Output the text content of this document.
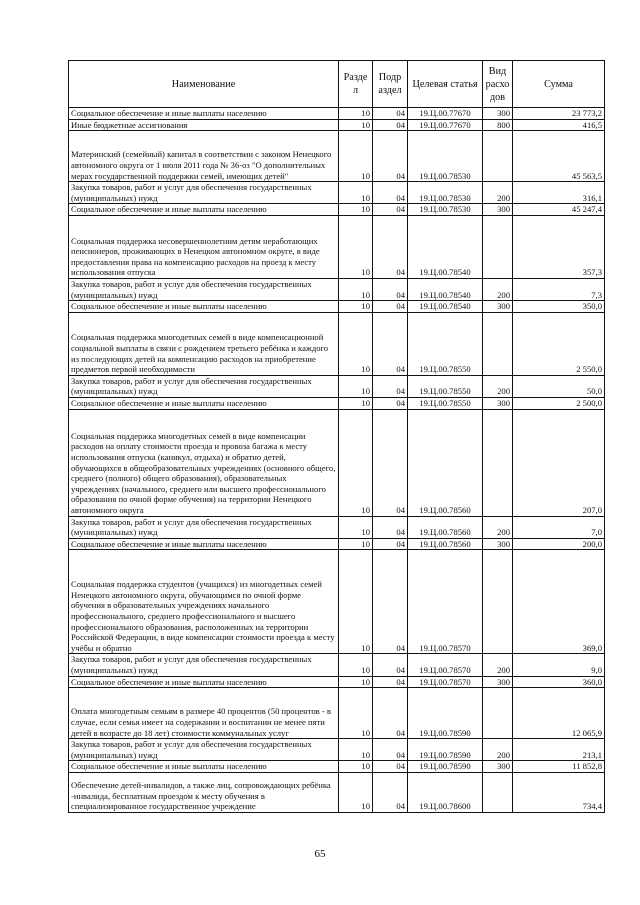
Наименование	Разде л	Подр аздел	Целевая статья	Вид расхо дов	Сумма
Социальное обеспечение и иные выплаты населению	10	04	19.Ц.00.77670	300	23 773,2
Иные бюджетные ассигнования	10	04	19.Ц.00.77670	800	416,5
Материнский (семейный) капитал в соответствии с законом Ненецкого автономного округа от 1 июля 2011 года № 36-оз "О дополнительных мерах государственной поддержки семей, имеющих детей"	10	04	19.Ц.00.78530		45 563,5
Закупка товаров, работ и услуг для обеспечения государственных (муниципальных) нужд	10	04	19.Ц.00.78530	200	316,1
Социальное обеспечение и иные выплаты населению	10	04	19.Ц.00.78530	300	45 247,4
Социальная поддержка несовершеннолетним детям неработающих пенсионеров, проживающих в Ненецком автономном округе, в виде предоставления права на компенсацию расходов на проезд к месту использования отпуска	10	04	19.Ц.00.78540		357,3
Закупка товаров, работ и услуг для обеспечения государственных (муниципальных) нужд	10	04	19.Ц.00.78540	200	7,3
Социальное обеспечение и иные выплаты населению	10	04	19.Ц.00.78540	300	350,0
Социальная поддержка многодетных семей в виде компенсационной социальной выплаты в связи с рождением третьего ребёнка и каждого из последующих детей на компенсацию расходов на приобретение предметов первой необходимости	10	04	19.Ц.00.78550		2 550,0
Закупка товаров, работ и услуг для обеспечения государственных (муниципальных) нужд	10	04	19.Ц.00.78550	200	50,0
Социальное обеспечение и иные выплаты населению	10	04	19.Ц.00.78550	300	2 500,0
Социальная поддержка многодетных семей в виде компенсации расходов на оплату стоимости проезда и провоза багажа к месту использования отпуска (каникул, отдыха) и обратно детей, обучающихся в общеобразовательных учреждениях (основного общего, среднего (полного) общего образования), образовательных учреждениях (начального, среднего или высшего профессионального образования по очной форме обучения) на территории Ненецкого автономного округа	10	04	19.Ц.00.78560		207,0
Закупка товаров, работ и услуг для обеспечения государственных (муниципальных) нужд	10	04	19.Ц.00.78560	200	7,0
Социальное обеспечение и иные выплаты населению	10	04	19.Ц.00.78560	300	200,0
Социальная поддержка студентов (учащихся) из многодетных семей Ненецкого автономного округа, обучающимся по очной форме обучения в образовательных учреждениях начального профессионального, среднего профессионального и высшего профессионального образования, расположенных на территории Российской Федерации, в виде компенсации стоимости проезда к месту учёбы и обратно	10	04	19.Ц.00.78570		369,0
Закупка товаров, работ и услуг для обеспечения государственных (муниципальных) нужд	10	04	19.Ц.00.78570	200	9,0
Социальное обеспечение и иные выплаты населению	10	04	19.Ц.00.78570	300	360,0
Оплата многодетным семьям в размере 40 процентов (50 процентов - в случае, если семья имеет на содержании и воспитании не менее пяти детей в возрасте до 18 лет) стоимости коммунальных услуг	10	04	19.Ц.00.78590		12 065,9
Закупка товаров, работ и услуг для обеспечения государственных (муниципальных) нужд	10	04	19.Ц.00.78590	200	213,1
Социальное обеспечение и иные выплаты населению	10	04	19.Ц.00.78590	300	11 852,8
Обеспечение детей-инвалидов, а также лиц, сопровождающих ребёнка -инвалида, бесплатным проездом к месту обучения в специализированное государственное учреждение	10	04	19.Ц.00.78600		734,4
65
